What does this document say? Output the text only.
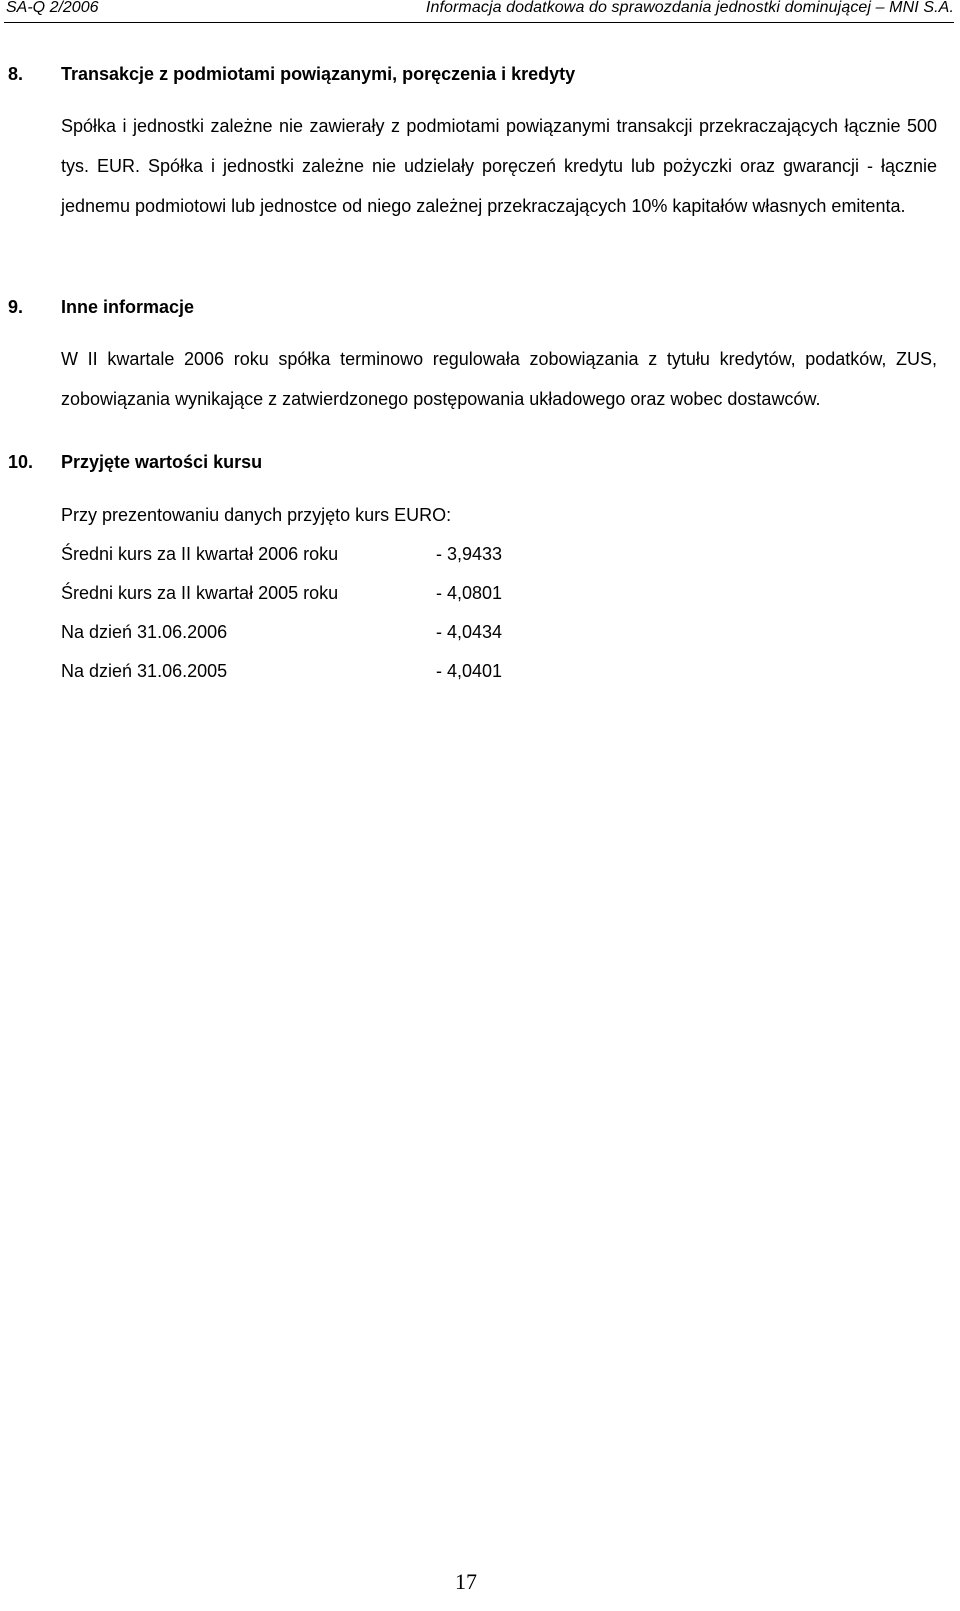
SA-Q 2/2006	Informacja dodatkowa do sprawozdania jednostki dominującej – MNI S.A.
8. Transakcje z podmiotami powiązanymi, poręczenia i kredyty
Spółka i jednostki zależne nie zawierały z podmiotami powiązanymi transakcji przekraczających łącznie 500 tys. EUR. Spółka i jednostki zależne nie udzielały poręczeń kredytu lub pożyczki oraz gwarancji - łącznie jednemu podmiotowi lub jednostce od niego zależnej przekraczających 10% kapitałów własnych emitenta.
9. Inne informacje
W II kwartale 2006 roku spółka terminowo regulowała zobowiązania z tytułu kredytów, podatków, ZUS, zobowiązania wynikające z zatwierdzonego postępowania układowego oraz wobec dostawców.
10. Przyjęte wartości kursu
Przy prezentowaniu danych przyjęto kurs EURO:
Średni kurs za II kwartał 2006 roku	- 3,9433
Średni kurs za II kwartał 2005 roku	- 4,0801
Na dzień 31.06.2006	- 4,0434
Na dzień 31.06.2005	- 4,0401
17
